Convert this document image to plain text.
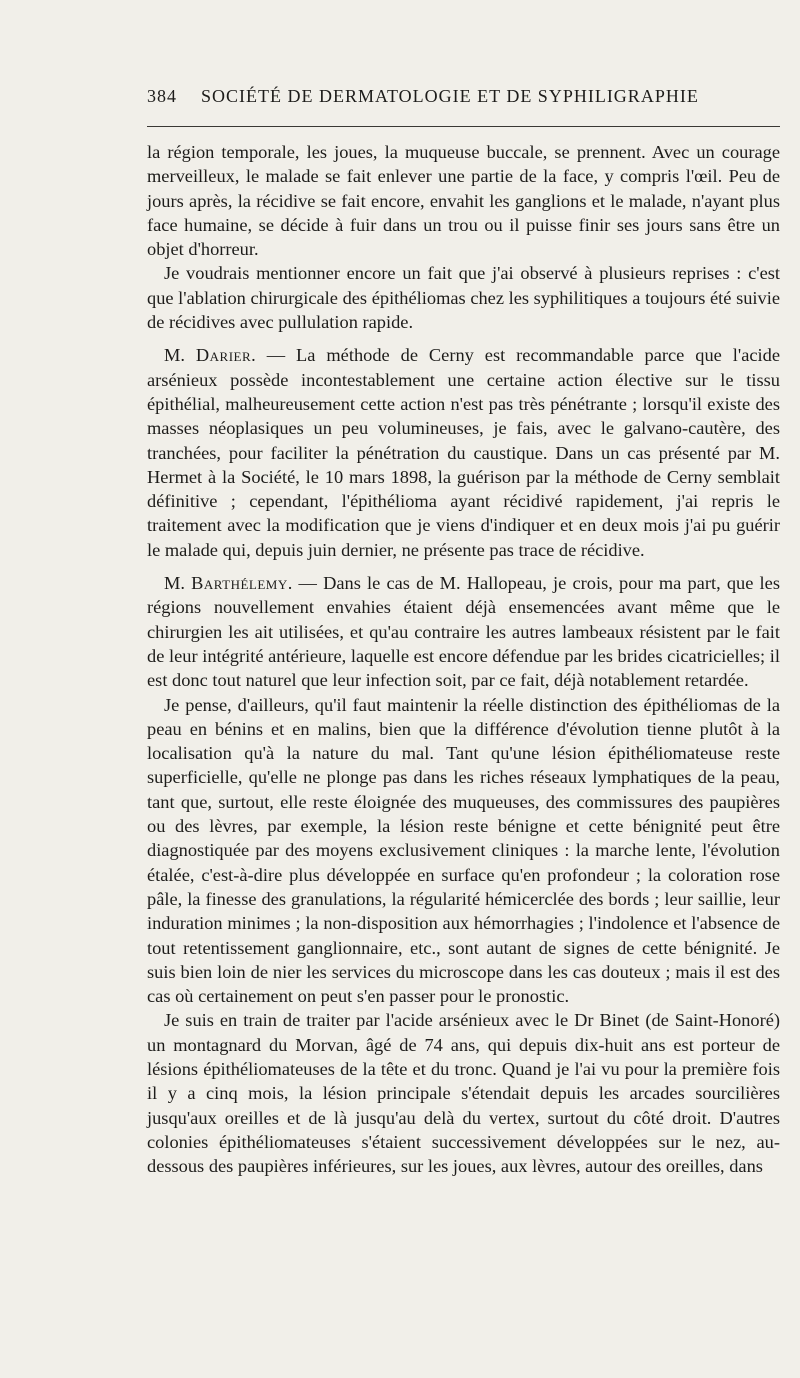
384 SOCIÉTÉ DE DERMATOLOGIE ET DE SYPHILIGRAPHIE

la région temporale, les joues, la muqueuse buccale, se prennent. Avec un courage merveilleux, le malade se fait enlever une partie de la face, y compris l'œil. Peu de jours après, la récidive se fait encore, envahit les ganglions et le malade, n'ayant plus face humaine, se décide à fuir dans un trou ou il puisse finir ses jours sans être un objet d'horreur.

Je voudrais mentionner encore un fait que j'ai observé à plusieurs reprises : c'est que l'ablation chirurgicale des épithéliomas chez les syphilitiques a toujours été suivie de récidives avec pullulation rapide.

M. Darier. — La méthode de Cerny est recommandable parce que l'acide arsénieux possède incontestablement une certaine action élective sur le tissu épithélial, malheureusement cette action n'est pas très pénétrante ; lorsqu'il existe des masses néoplasiques un peu volumineuses, je fais, avec le galvano-cautère, des tranchées, pour faciliter la pénétration du caustique. Dans un cas présenté par M. Hermet à la Société, le 10 mars 1898, la guérison par la méthode de Cerny semblait définitive ; cependant, l'épithélioma ayant récidivé rapidement, j'ai repris le traitement avec la modification que je viens d'indiquer et en deux mois j'ai pu guérir le malade qui, depuis juin dernier, ne présente pas trace de récidive.

M. Barthélemy. — Dans le cas de M. Hallopeau, je crois, pour ma part, que les régions nouvellement envahies étaient déjà ensemencées avant même que le chirurgien les ait utilisées, et qu'au contraire les autres lambeaux résistent par le fait de leur intégrité antérieure, laquelle est encore défendue par les brides cicatricielles; il est donc tout naturel que leur infection soit, par ce fait, déjà notablement retardée.

Je pense, d'ailleurs, qu'il faut maintenir la réelle distinction des épithéliomas de la peau en bénins et en malins, bien que la différence d'évolution tienne plutôt à la localisation qu'à la nature du mal. Tant qu'une lésion épithéliomateuse reste superficielle, qu'elle ne plonge pas dans les riches réseaux lymphatiques de la peau, tant que, surtout, elle reste éloignée des muqueuses, des commissures des paupières ou des lèvres, par exemple, la lésion reste bénigne et cette bénignité peut être diagnostiquée par des moyens exclusivement cliniques : la marche lente, l'évolution étalée, c'est-à-dire plus développée en surface qu'en profondeur ; la coloration rose pâle, la finesse des granulations, la régularité hémicerclée des bords ; leur saillie, leur induration minimes ; la non-disposition aux hémorrhagies ; l'indolence et l'absence de tout retentissement ganglionnaire, etc., sont autant de signes de cette bénignité. Je suis bien loin de nier les services du microscope dans les cas douteux ; mais il est des cas où certainement on peut s'en passer pour le pronostic.

Je suis en train de traiter par l'acide arsénieux avec le Dr Binet (de Saint-Honoré) un montagnard du Morvan, âgé de 74 ans, qui depuis dix-huit ans est porteur de lésions épithéliomateuses de la tête et du tronc. Quand je l'ai vu pour la première fois il y a cinq mois, la lésion principale s'étendait depuis les arcades sourcilières jusqu'aux oreilles et de là jusqu'au delà du vertex, surtout du côté droit. D'autres colonies épithéliomateuses s'étaient successivement développées sur le nez, au-dessous des paupières inférieures, sur les joues, aux lèvres, autour des oreilles, dans
